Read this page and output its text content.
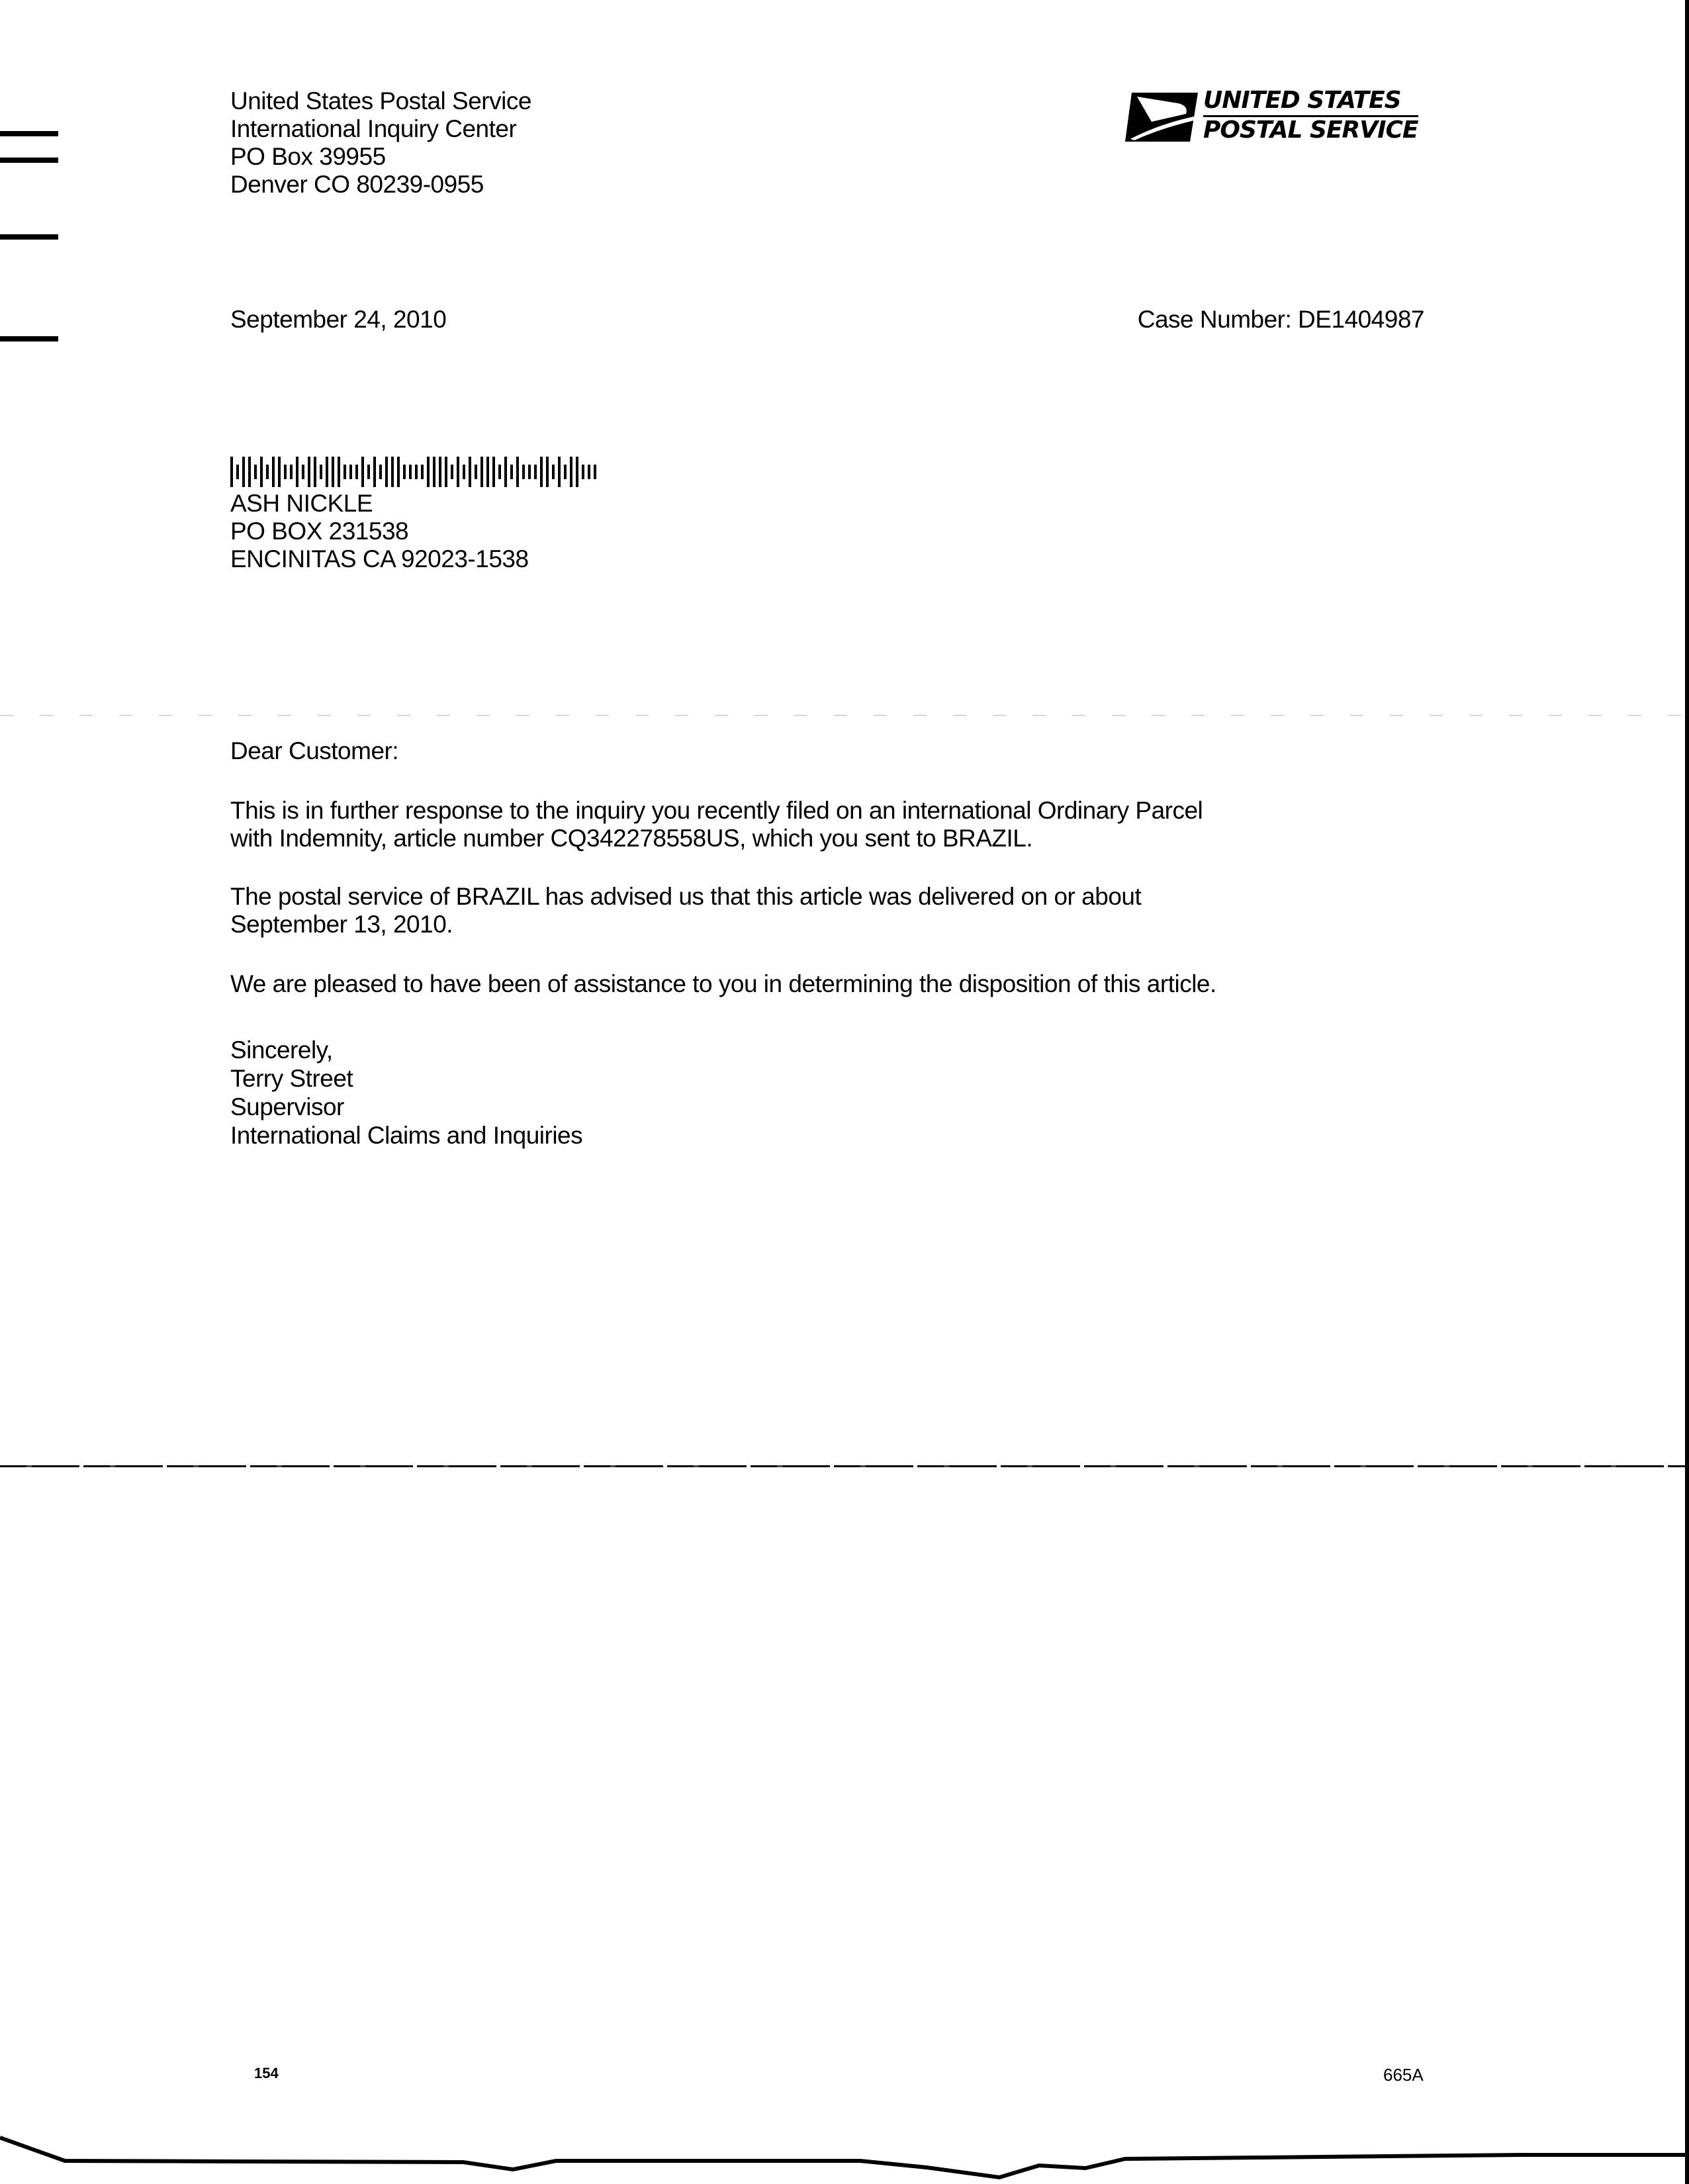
United States Postal Service
International Inquiry Center
PO Box 39955
Denver CO 80239-0955
UNITED STATES
POSTAL SERVICE
September 24, 2010	Case Number: DE1404987
ASH NICKLE
PO BOX 231538
ENCINITAS CA 92023-1538
Dear Customer:
This is in further response to the inquiry you recently filed on an international Ordinary Parcel
with Indemnity, article number CQ342278558US, which you sent to BRAZIL.
The postal service of BRAZIL has advised us that this article was delivered on or about
September 13, 2010.
We are pleased to have been of assistance to you in determining the disposition of this article.
Sincerely,
Terry Street
Supervisor
International Claims and Inquiries
154	665A
